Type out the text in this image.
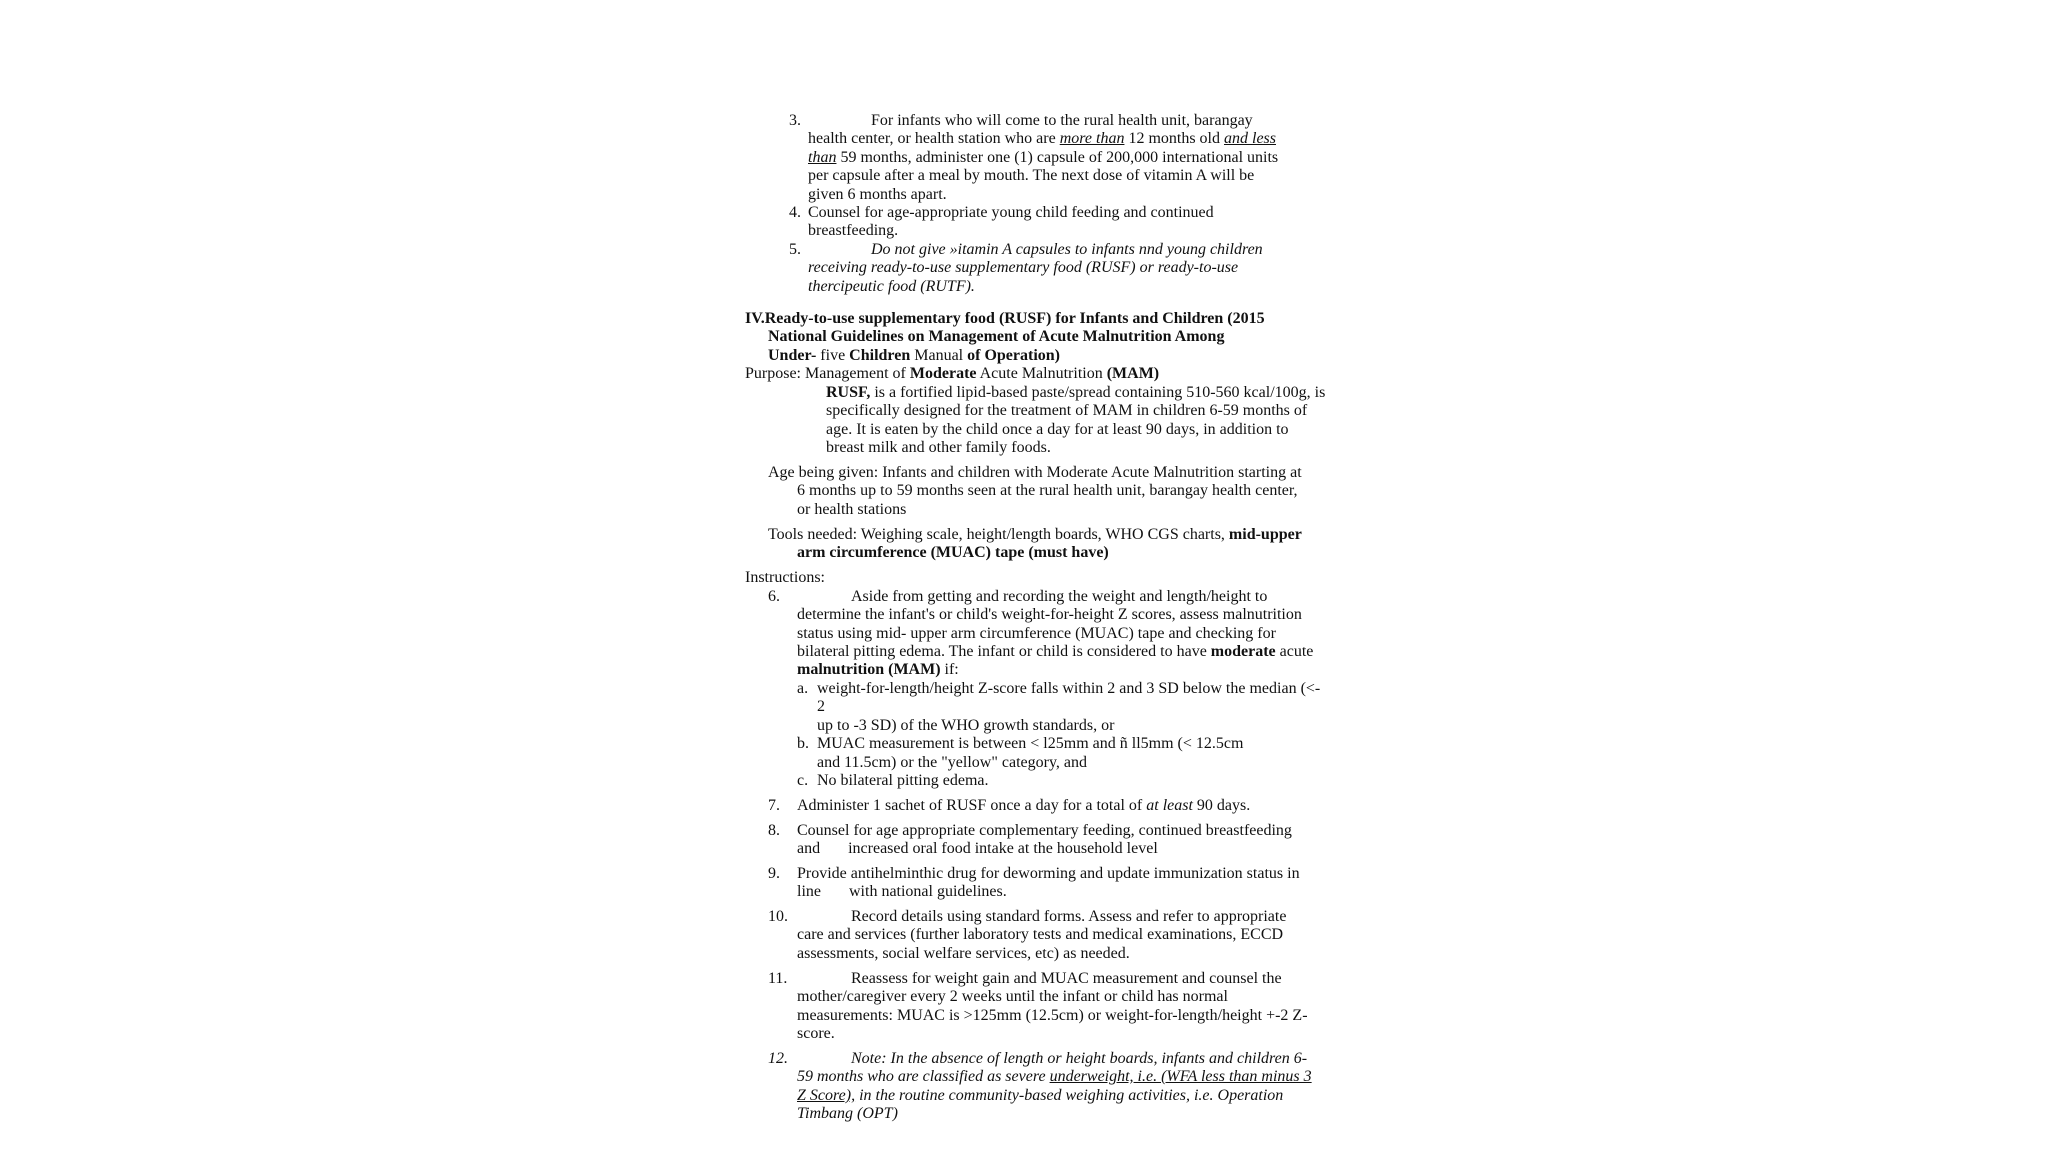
3.	For infants who will come to the rural health unit, barangay
health center, or health station who are more than 12 months old and less
than 59 months, administer one (1) capsule of 200,000 international units
per capsule after a meal by mouth. The next dose of vitamin A will be
given 6 months apart.
4. Counsel for age-appropriate young child feeding and continued
breastfeeding.
5.	Do not give »itamin A capsules to infants nnd young children
receiving ready-to-use supplementary food (RUSF) or ready-to-use
thercipeutic food (RUTF).
IV.Ready-to-use supplementary food (RUSF) for Infants and Children (2015
National Guidelines on Management of Acute Malnutrition Among
Under- five Children Manual of Operation)
Purpose: Management of Moderate Acute Malnutrition (MAM)
RUSF, is a fortified lipid-based paste/spread containing 510-560 kcal/100g, is
specifically designed for the treatment of MAM in children 6-59 months of
age. It is eaten by the child once a day for at least 90 days, in addition to
breast milk and other family foods.
Age being given: Infants and children with Moderate Acute Malnutrition starting at
6 months up to 59 months seen at the rural health unit, barangay health center,
or health stations
Tools needed: Weighing scale, height/length boards, WHO CGS charts, mid-upper
arm circumference (MUAC) tape (must have)
Instructions:
6.	Aside from getting and recording the weight and length/height to
determine the infant's or child's weight-for-height Z scores, assess malnutrition
status using mid- upper arm circumference (MUAC) tape and checking for
bilateral pitting edema. The infant or child is considered to have moderate acute
malnutrition (MAM) if:
a. weight-for-length/height Z-score falls within 2 and 3 SD below the median (<-
2
up to -3 SD) of the WHO growth standards, or
b. MUAC measurement is between < l25mm and ñ ll5mm (< 12.5cm
and 11.5cm) or the "yellow" category, and
c. No bilateral pitting edema.
7. Administer 1 sachet of RUSF once a day for a total of at least 90 days.
8. Counsel for age appropriate complementary feeding, continued breastfeeding
and       increased oral food intake at the household level
9. Provide antihelminthic drug for deworming and update immunization status in
line       with national guidelines.
10.	Record details using standard forms. Assess and refer to appropriate
care and services (further laboratory tests and medical examinations, ECCD
assessments, social welfare services, etc) as needed.
11.	Reassess for weight gain and MUAC measurement and counsel the
mother/caregiver every 2 weeks until the infant or child has normal
measurements: MUAC is >125mm (12.5cm) or weight-for-length/height +-2 Z-
score.
12.	Note: In the absence of length or height boards, infants and children 6-
59 months who are classified as severe underweight, i.e. (WFA less than minus 3
Z Score), in the routine community-based weighing activities, i.e. Operation
Timbang (OPT)
